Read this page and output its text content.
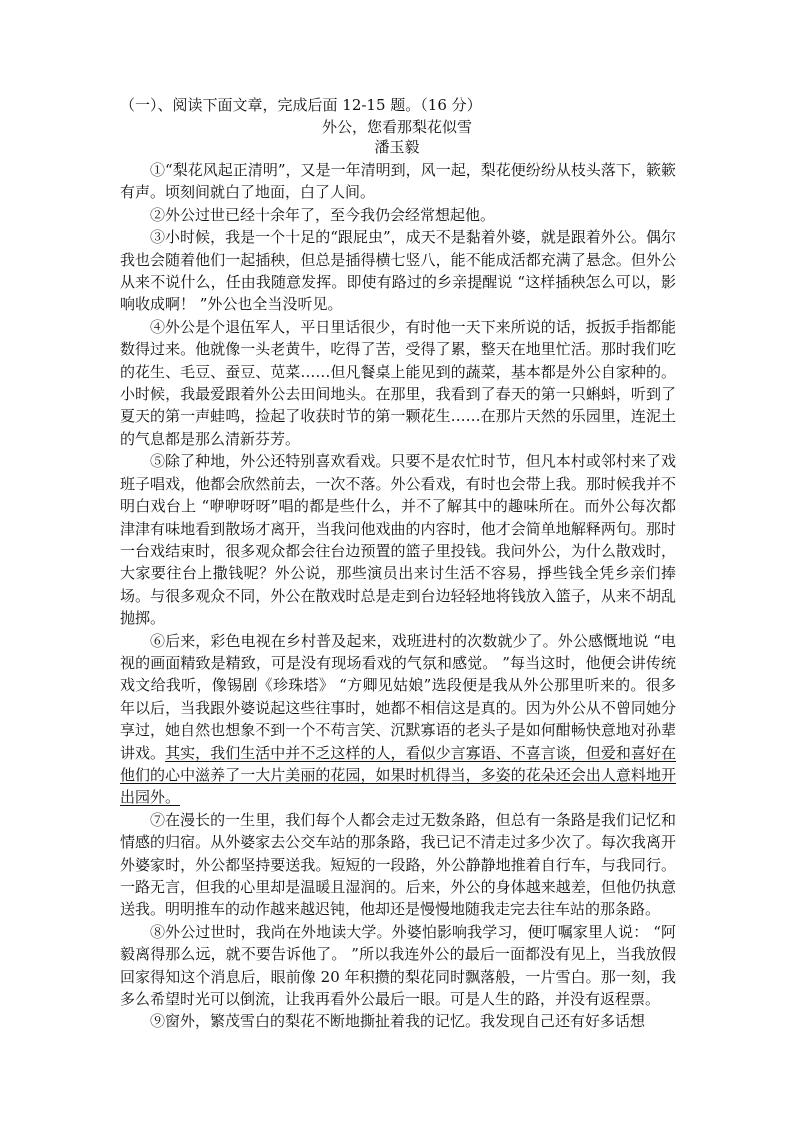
（一）、阅读下面文章，完成后面 12-15 题。（16 分）
外公，您看那梨花似雪
潘玉毅

①“梨花风起正清明”，又是一年清明到，风一起，梨花便纷纷从枝头落下，簌簌有声。顷刻间就白了地面，白了人间。

②外公过世已经十余年了，至今我仍会经常想起他。

③小时候，我是一个十足的“跟屁虫”，成天不是黏着外婆，就是跟着外公。偶尔我也会随着他们一起插秧，但总是插得横七竖八，能不能成活都充满了悬念。但外公从来不说什么，任由我随意发挥。即使有路过的乡亲提醒说 “这样插秧怎么可以，影响收成啊！ ”外公也全当没听见。

④外公是个退伍军人，平日里话很少，有时他一天下来所说的话，扳扳手指都能数得过来。他就像一头老黄牛，吃得了苦，受得了累，整天在地里忙活。那时我们吃的花生、毛豆、蚕豆、苋菜……但凡餐桌上能见到的蔬菜，基本都是外公自家种的。小时候，我最爱跟着外公去田间地头。在那里，我看到了春天的第一只蝌蚪，听到了夏天的第一声蛙鸣，捡起了收获时节的第一颗花生……在那片天然的乐园里，连泥土的气息都是那么清新芬芳。

⑤除了种地，外公还特别喜欢看戏。只要不是农忙时节，但凡本村或邻村来了戏班子唱戏，他都会欣然前去，一次不落。外公看戏，有时也会带上我。那时候我并不明白戏台上 “咿咿呀呀”唱的都是些什么，并不了解其中的趣味所在。而外公每次都津津有味地看到散场才离开，当我问他戏曲的内容时，他才会简单地解释两句。那时一台戏结束时，很多观众都会往台边预置的篮子里投钱。我问外公，为什么散戏时，大家要往台上撒钱呢？外公说，那些演员出来讨生活不容易，掙些钱全凭乡亲们捧场。与很多观众不同，外公在散戏时总是走到台边轻轻地将钱放入篮子，从来不胡乱抛掷。

⑥后来，彩色电视在乡村普及起来，戏班进村的次数就少了。外公感慨地说 “电视的画面精致是精致，可是没有现场看戏的气氛和感觉。 ”每当这时，他便会讲传统戏文给我听，像锡剧《珍珠塔》 “方卿见姑娘”选段便是我从外公那里听来的。很多年以后，当我跟外婆说起这些往事时，她都不相信这是真的。因为外公从不曾同她分享过，她自然也想象不到一个不苟言笑、沉默寡语的老头子是如何酣畅快意地对孙辈讲戏。其实，我们生活中并不乏这样的人，看似少言寡语、不喜言谈，但爱和喜好在他们的心中滋养了一大片美丽的花园，如果时机得当，多姿的花朵还会出人意料地开出园外。

⑦在漫长的一生里，我们每个人都会走过无数条路，但总有一条路是我们记忆和情感的归宿。从外婆家去公交车站的那条路，我已记不清走过多少次了。每次我离开外婆家时，外公都坚持要送我。短短的一段路，外公静静地推着自行车，与我同行。一路无言，但我的心里却是温暖且湿润的。后来，外公的身体越来越差，但他仍执意送我。明明推车的动作越来越迟钝，他却还是慢慢地随我走完去往车站的那条路。

⑧外公过世时，我尚在外地读大学。外婆怕影响我学习，便叮嘱家里人说： “阿毅离得那么远，就不要告诉他了。 ”所以我连外公的最后一面都没有见上，当我放假回家得知这个消息后，眼前像 20 年积攒的梨花同时飘落般，一片雪白。那一刻，我多么希望时光可以倒流，让我再看外公最后一眼。可是人生的路，并没有返程票。

⑨窗外，繁茂雪白的梨花不断地撕扯着我的记忆。我发现自己还有好多话想
